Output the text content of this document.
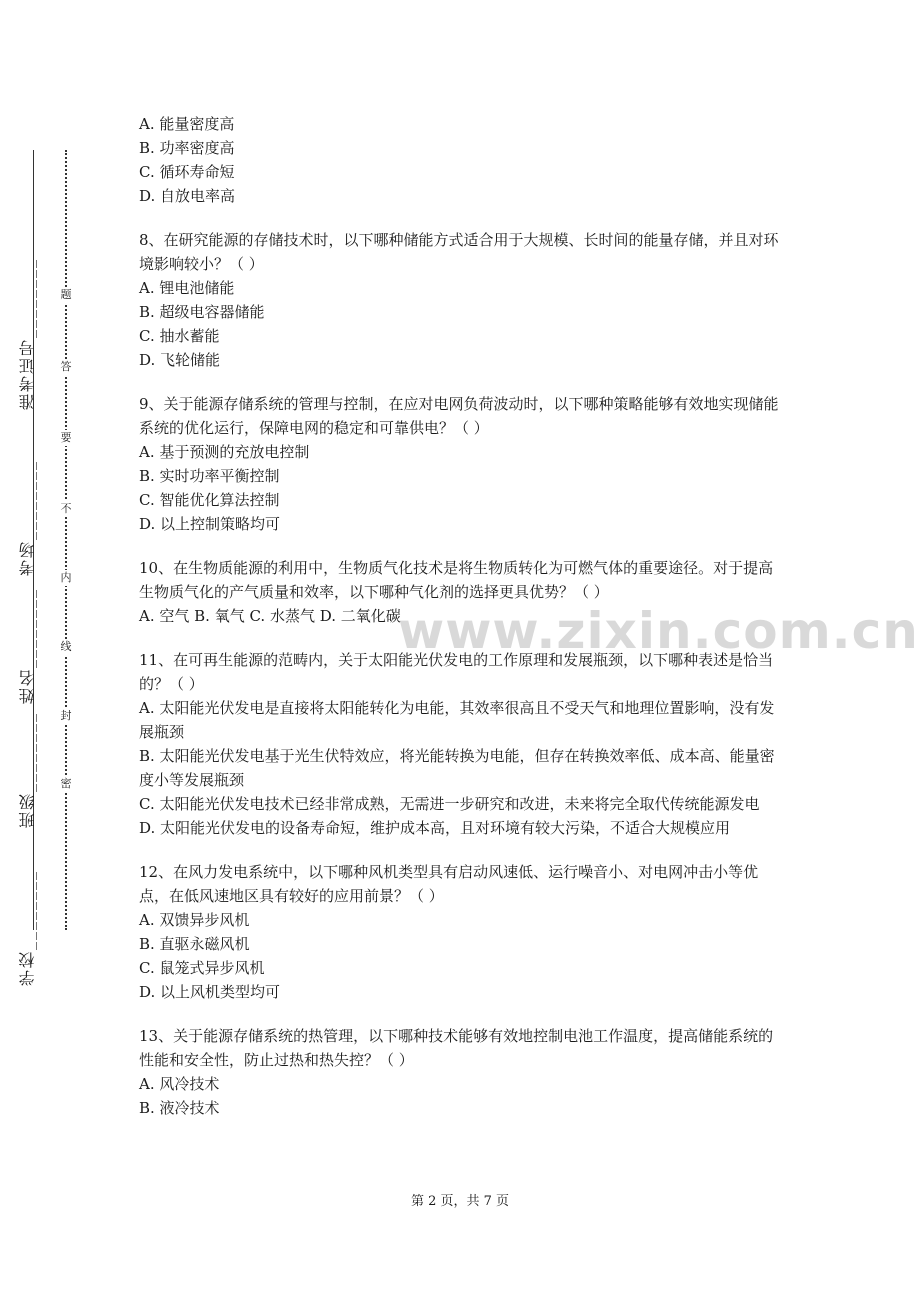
www.zixin.com.cn
准考证号________
考场________
姓名________
班级________
学校________
题
答
要
不
内
线
封
密

A. 能量密度高

B. 功率密度高

C. 循环寿命短

D. 自放电率高

8、在研究能源的存储技术时，以下哪种储能方式适合用于大规模、长时间的能量存储，并且对环境影响较小？（ ）

A. 锂电池储能

B. 超级电容器储能

C. 抽水蓄能

D. 飞轮储能

9、关于能源存储系统的管理与控制，在应对电网负荷波动时，以下哪种策略能够有效地实现储能系统的优化运行，保障电网的稳定和可靠供电？（ ）

A. 基于预测的充放电控制

B. 实时功率平衡控制

C. 智能优化算法控制

D. 以上控制策略均可

10、在生物质能源的利用中，生物质气化技术是将生物质转化为可燃气体的重要途径。对于提高生物质气化的产气质量和效率，以下哪种气化剂的选择更具优势？（ ）

A. 空气 B. 氧气 C. 水蒸气 D. 二氧化碳

11、在可再生能源的范畴内，关于太阳能光伏发电的工作原理和发展瓶颈，以下哪种表述是恰当的？（ ）

A. 太阳能光伏发电是直接将太阳能转化为电能，其效率很高且不受天气和地理位置影响，没有发展瓶颈

B. 太阳能光伏发电基于光生伏特效应，将光能转换为电能，但存在转换效率低、成本高、能量密度小等发展瓶颈

C. 太阳能光伏发电技术已经非常成熟，无需进一步研究和改进，未来将完全取代传统能源发电

D. 太阳能光伏发电的设备寿命短，维护成本高，且对环境有较大污染，不适合大规模应用

12、在风力发电系统中，以下哪种风机类型具有启动风速低、运行噪音小、对电网冲击小等优点，在低风速地区具有较好的应用前景？（ ）

A. 双馈异步风机

B. 直驱永磁风机

C. 鼠笼式异步风机

D. 以上风机类型均可

13、关于能源存储系统的热管理，以下哪种技术能够有效地控制电池工作温度，提高储能系统的性能和安全性，防止过热和热失控？（ ）

A. 风冷技术

B. 液冷技术

第 2 页，共 7 页
